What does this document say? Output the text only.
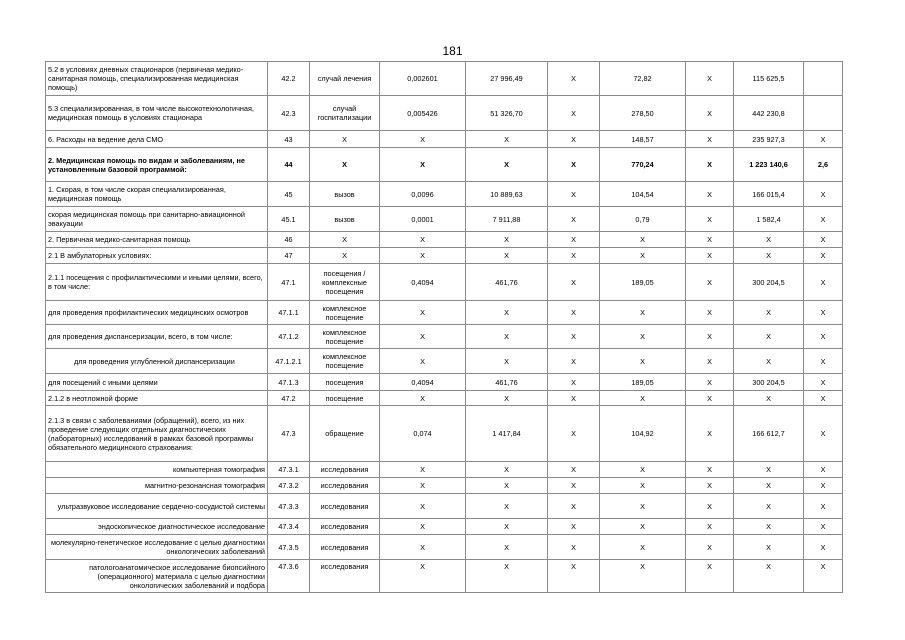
181
5.2 в условиях дневных стационаров (первичная медико-санитарная помощь, специализированная медицинская помощь)	42.2	случай лечения	0,002601	27 996,49	X	72,82	X	115 625,5	
5.3 специализированная, в том числе высокотехнологичная, медицинская помощь в условиях стационара	42.3	случай госпитализации	0,005426	51 326,70	X	278,50	X	442 230,8	
6. Расходы на ведение дела СМО	43	X	X	X	X	148,57	X	235 927,3	X
2. Медицинская помощь по видам и заболеваниям, не установленным базовой программой:	44	X	X	X	X	770,24	X	1 223 140,6	2,6
1. Скорая, в том числе скорая специализированная, медицинская помощь	45	вызов	0,0096	10 889,63	X	104,54	X	166 015,4	X
скорая медицинская помощь при санитарно-авиационной эвакуации	45.1	вызов	0,0001	7 911,88	X	0,79	X	1 582,4	X
2. Первичная медико-санитарная помощь	46	X	X	X	X	X	X	X	X
2.1 В амбулаторных условиях:	47	X	X	X	X	X	X	X	X
2.1.1 посещения с профилактическими и иными целями, всего, в том числе:	47.1	посещения / комплексные посещения	0,4094	461,76	X	189,05	X	300 204,5	X
для проведения профилактических медицинских осмотров	47.1.1	комплексное посещение	X	X	X	X	X	X	X
для проведения диспансеризации, всего, в том числе:	47.1.2	комплексное посещение	X	X	X	X	X	X	X
для проведения углубленной диспансеризации	47.1.2.1	комплексное посещение	X	X	X	X	X	X	X
для посещений с иными целями	47.1.3	посещения	0,4094	461,76	X	189,05	X	300 204,5	X
2.1.2 в неотложной форме	47.2	посещение	X	X	X	X	X	X	X
2.1.3 в связи с заболеваниями (обращений), всего, из них проведение следующих отдельных диагностических (лабораторных) исследований в рамках базовой программы обязательного медицинского страхования:	47.3	обращение	0,074	1 417,84	X	104,92	X	166 612,7	X
компьютерная томография	47.3.1	исследования	X	X	X	X	X	X	X
магнитно-резонансная томография	47.3.2	исследования	X	X	X	X	X	X	X
ультразвуковое исследование сердечно-сосудистой системы	47.3.3	исследования	X	X	X	X	X	X	X
эндоскопическое диагностическое исследование	47.3.4	исследования	X	X	X	X	X	X	X
молекулярно-генетическое исследование с целью диагностики онкологических заболеваний	47.3.5	исследования	X	X	X	X	X	X	X
патологоанатомическое исследование биопсийного (операционного) материала с целью диагностики онкологических заболеваний и подбора	47.3.6	исследования	X	X	X	X	X	X	X
